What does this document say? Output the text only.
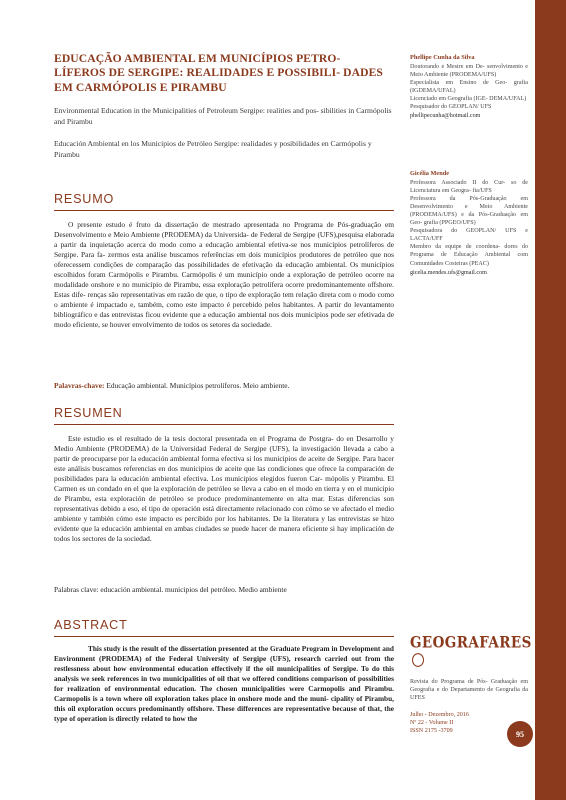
95
EDUCAÇÃO AMBIENTAL EM MUNICÍPIOS PETRO- LÍFEROS DE SERGIPE: REALIDADES E POSSIBILI- DADES EM CARMÓPOLIS E PIRAMBU

Environmental Education in the Municipalities of Petroleum Sergipe: realities and pos- sibilities in Carmópolis and Pirambu

Educación Ambiental en los Municipios de Petróleo Sergipe: realidades y posibilidades en Carmópolis y Pirambu

RESUMO

O presente estudo é fruto da dissertação de mestrado apresentada no Programa de Pós-graduação em Desenvolvimento e Meio Ambiente (PRODEMA) da Universida- de Federal de Sergipe (UFS),pesquisa elaborada a partir da inquietação acerca do modo como a educação ambiental efetiva-se nos municípios petrolíferos de Sergipe. Para fa- zermos esta análise buscamos referências em dois municípios produtores de petróleo que nos oferecessem condições de comparação das possibilidades de efetivação da educação ambiental. Os municípios escolhidos foram Carmópolis e Pirambu. Carmópolis é um município onde a exploração de petróleo ocorre na modalidade onshore e no município de Pirambu, essa exploração petrolífera ocorre predominantemente offshore. Estas dife- renças são representativas em razão de que, o tipo de exploração tem relação direta com o modo como o ambiente é impactado e, também, como este impacto é percebido pelos habitantes. A partir do levantamento bibliográfico e das entrevistas ficou evidente que a educação ambiental nos dois municípios pode ser efetivada de modo eficiente, se houver envolvimento de todos os setores da sociedade.

Palavras-chave: Educação ambiental. Municípios petrolíferos. Meio ambiente.

RESUMEN

Este estudio es el resultado de la tesis doctoral presentada en el Programa de Postgra- do en Desarrollo y Medio Ambiente (PRODEMA) de la Universidad Federal de Sergipe (UFS), la investigación llevada a cabo a partir de preocuparse por la educación ambiental forma efectiva si los municipios de aceite de Sergipe. Para hacer este análisis buscamos referencias en dos municipios de aceite que las condiciones que ofrece la comparación de posibilidades para la educación ambiental efectiva. Los municipios elegidos fueron Car- mópolis y Pirambu. El Carmen es un condado en el que la exploración de petróleo se lleva a cabo en el modo en tierra y en el municipio de Pirambu, esta exploración de petróleo se produce predominantemente en alta mar. Estas diferencias son representativas debido a eso, el tipo de operación está directamente relacionado con cómo se ve afectado el medio ambiente y también cómo este impacto es percibido por los habitantes. De la literatura y las entrevistas se hizo evidente que la educación ambiental en ambas ciudades se puede hacer de manera eficiente si hay implicación de todos los sectores de la sociedad.

Palabras clave: educación ambiental. municipios del petróleo. Medio ambiente

ABSTRACT

This study is the result of the dissertation presented at the Graduate Program in Development and Environment (PRODEMA) of the Federal University of Sergipe (UFS), research carried out from the restlessness about how environmental education effectively if the oil municipalities of Sergipe. To do this analysis we seek references in two municipalities of oil that we offered conditions comparison of possibilities for realization of environmental education. The chosen municipalities were Carmopolis and Pirambu. Carmopolis is a town where oil exploration takes place in onshore mode and the muni- cipality of Pirambu, this oil exploration occurs predominantly offshore. These differences are representative because of that, the type of operation is directly related to how the

Phellipe Cunha da Silva
Doutorando e Mestre em De- senvolvimento e Meio Ambiente (PRODEMA/UFS)
Especialista em Ensino de Geo- grafia (IGDEMA/UFAL)
Licenciado em Geografia (IGE- DEMA/UFAL)
Pesquisador do GEOPLAN/ UFS
phellipecunha@hotmail.com
Gicélia Mende
Professora Associado II do Cur- so de Licenciatura em Geogra- fia/UFS
Professora da Pós-Graduação em Desenvolvimento e Meio Ambiente (PRODEMA/UFS) e da Pós-Graduação em Geo- grafia (PPGEO/UFS)
Pesquisadora do GEOPLAN/ UFS e LACTA/UFF
Membro da equipe de coordena- dores do Programa de Educação Ambiental com Comunidades Costeiras (PEAC)
gicelia.mendes.ufs@gmail.com
GEOGRAFARES
Revista do Programa de Pós- Graduação em Geografia e do Departamento de Geografia da UFES
Julho - Dezembro, 2016
Nº 22 - Volume II
ISSN 2175 -3709
